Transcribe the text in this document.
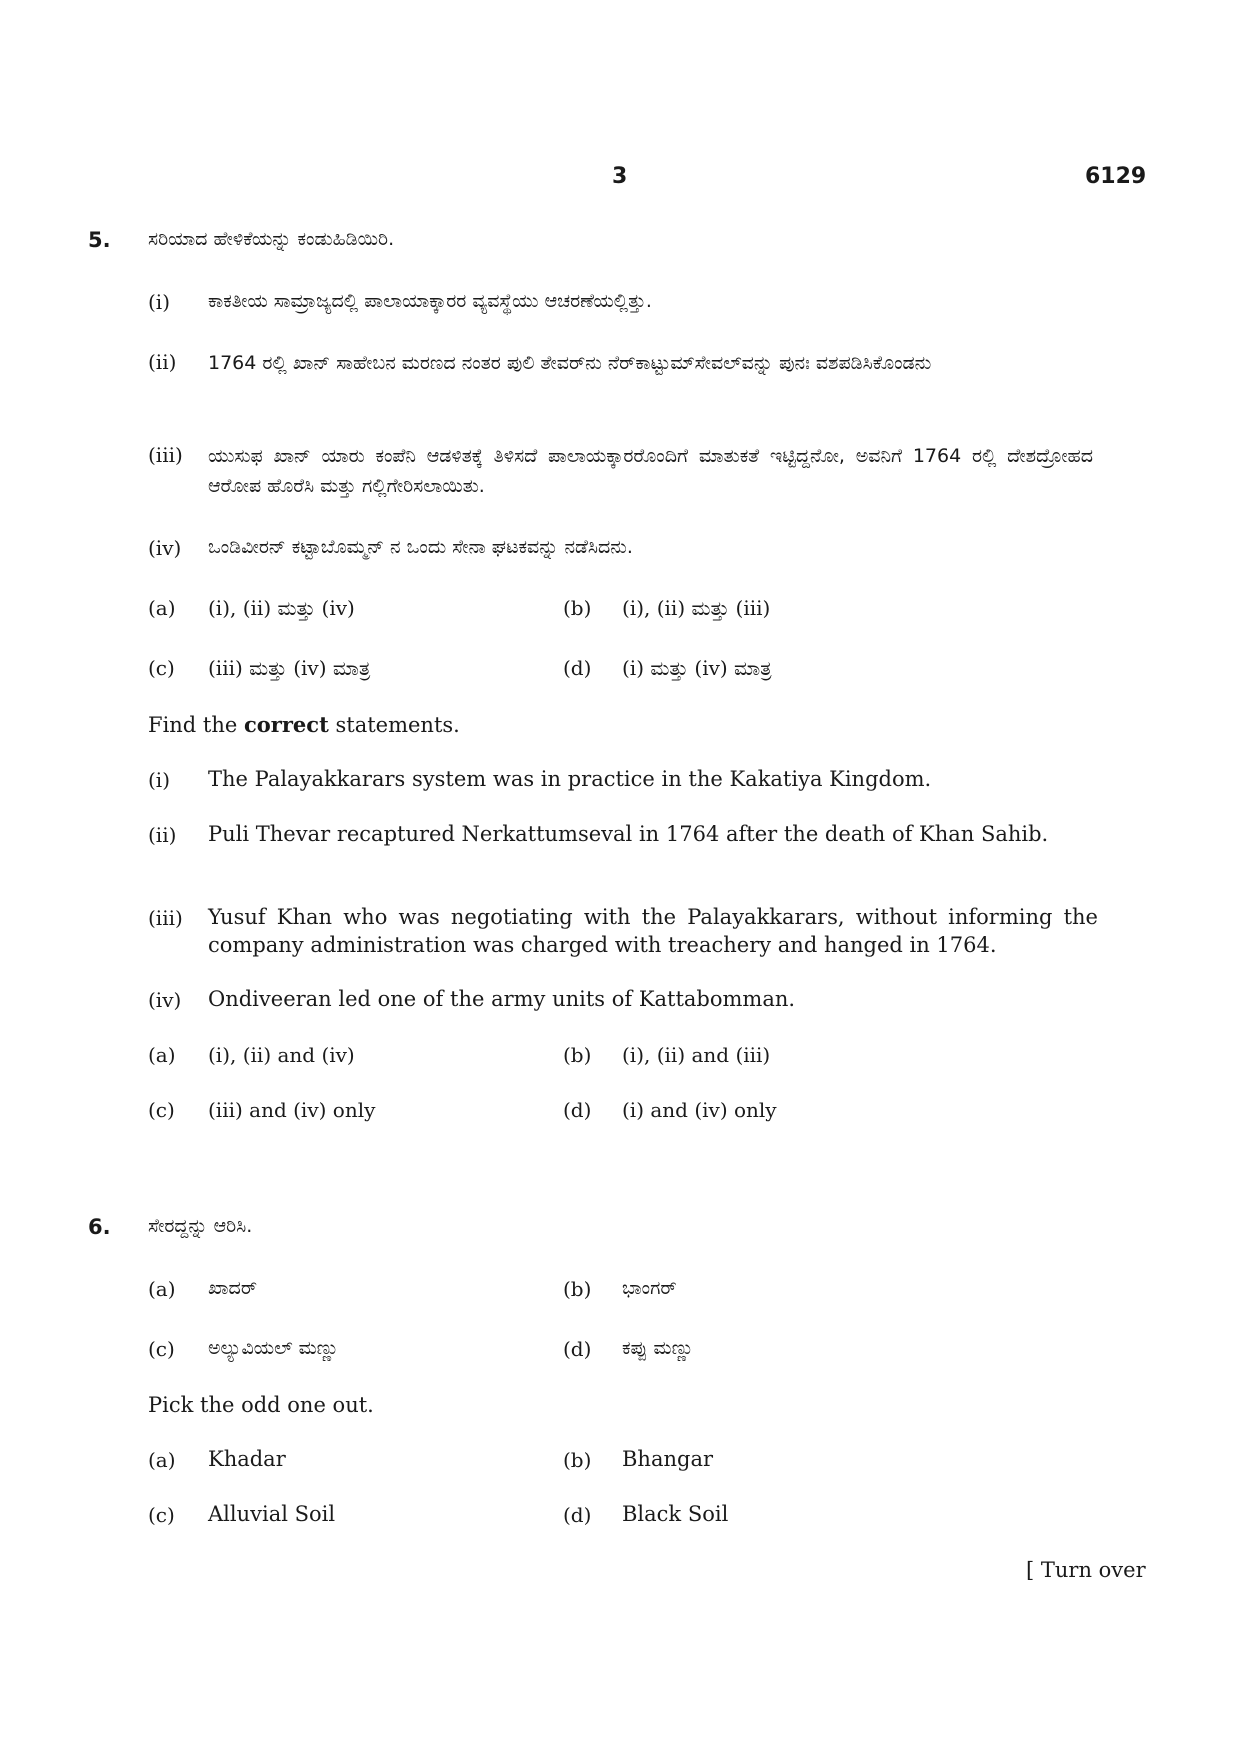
3	6129
5. ಸರಿಯಾದ ಹೇಳಿಕೆಯನ್ನು ಕಂಡುಹಿಡಿಯಿರಿ.
(i) ಕಾಕತೀಯ ಸಾಮ್ರಾಜ್ಯದಲ್ಲಿ ಪಾಲಾಯಾಕ್ಕಾರರ ವ್ಯವಸ್ಥೆಯು ಆಚರಣೆಯಲ್ಲಿತ್ತು.
(ii) 1764 ರಲ್ಲಿ ಖಾನ್ ಸಾಹೇಬನ ಮರಣದ ನಂತರ ಪುಲಿ ತೇವರ್‌ನು ನೆರ್‌ಕಾಟ್ಟುಮ್‌ಸೇವಲ್‌ವನ್ನು ಪುನಃ ವಶಪಡಿಸಿಕೊಂಡನು
(iii) ಯುಸುಫ ಖಾನ್ ಯಾರು ಕಂಪೆನಿ ಆಡಳಿತಕ್ಕೆ ತಿಳಿಸದೆ ಪಾಲಾಯಕ್ಕಾರರೊಂದಿಗೆ ಮಾತುಕತೆ ಇಟ್ಟಿದ್ದನೋ, ಅವನಿಗೆ 1764 ರಲ್ಲಿ ದೇಶದ್ರೋಹದ ಆರೋಪ ಹೊರೆಸಿ ಮತ್ತು ಗಲ್ಲಿಗೇರಿಸಲಾಯಿತು.
(iv) ಒಂಡಿವೀರನ್ ಕಟ್ಟಾಬೊಮ್ಮನ್ ನ ಒಂದು ಸೇನಾ ಘಟಕವನ್ನು ನಡೆಸಿದನು.
(a) (i), (ii) ಮತ್ತು (iv)	(b) (i), (ii) ಮತ್ತು (iii)
(c) (iii) ಮತ್ತು (iv) ಮಾತ್ರ	(d) (i) ಮತ್ತು (iv) ಮಾತ್ರ
Find the correct statements.
(i) The Palayakkarars system was in practice in the Kakatiya Kingdom.
(ii) Puli Thevar recaptured Nerkattumseval in 1764 after the death of Khan Sahib.
(iii) Yusuf Khan who was negotiating with the Palayakkarars, without informing the company administration was charged with treachery and hanged in 1764.
(iv) Ondiveeran led one of the army units of Kattabomman.
(a) (i), (ii) and (iv)	(b) (i), (ii) and (iii)
(c) (iii) and (iv) only	(d) (i) and (iv) only
6. ಸೇರದ್ದನ್ನು ಆರಿಸಿ.
(a) ಖಾದರ್	(b) ಭಾಂಗರ್
(c) ಅಲ್ಯುವಿಯಲ್ ಮಣ್ಣು	(d) ಕಪ್ಪು ಮಣ್ಣು
Pick the odd one out.
(a) Khadar	(b) Bhangar
(c) Alluvial Soil	(d) Black Soil
[ Turn over
